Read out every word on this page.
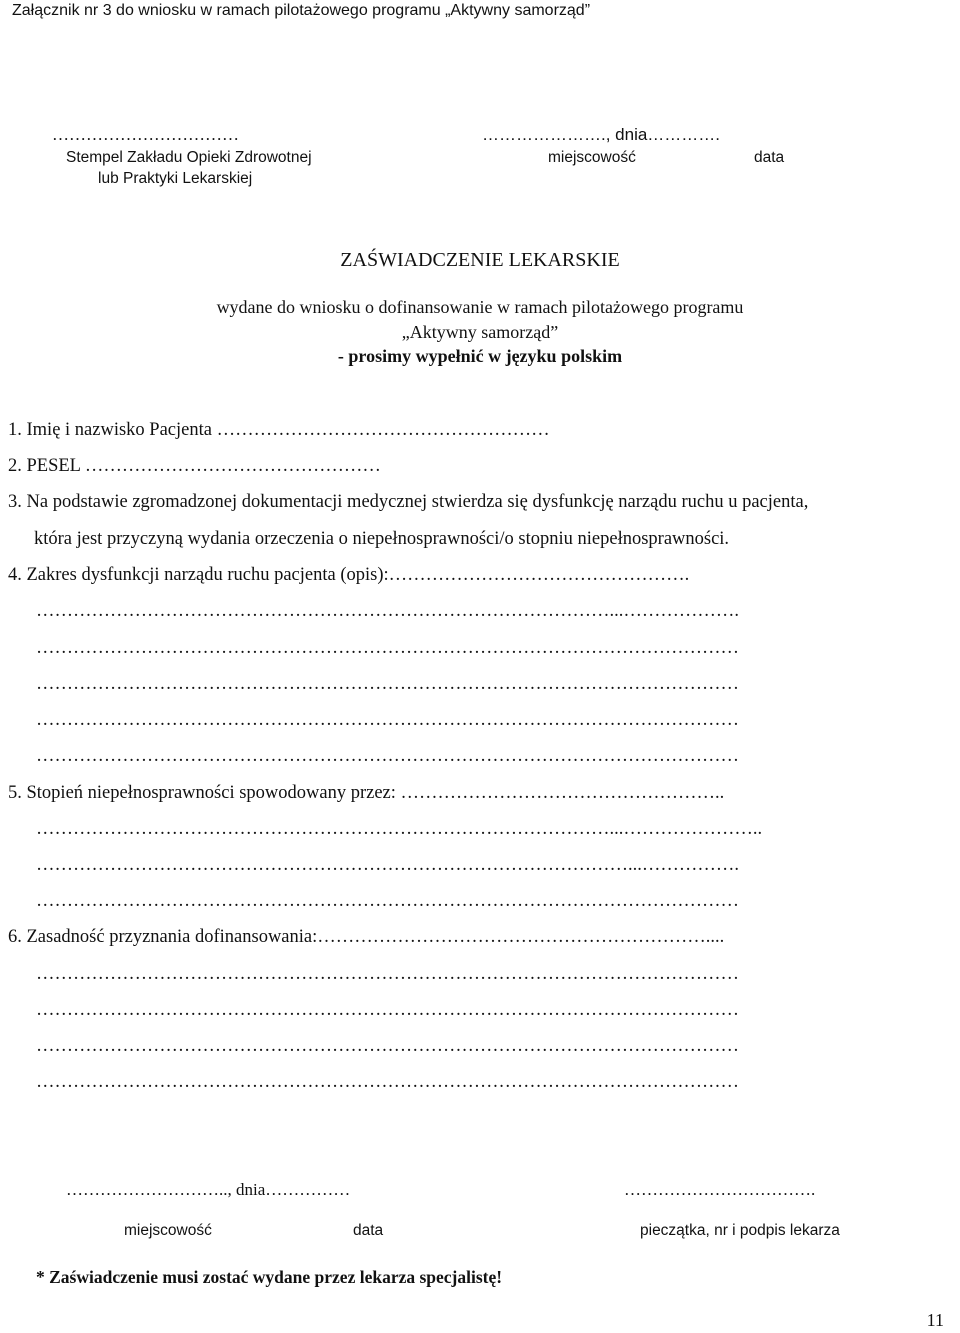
Załącznik nr 3 do wniosku w ramach pilotażowego programu „Aktywny samorząd”
……………………………
Stempel Zakładu Opieki Zdrowotnej
lub Praktyki Lekarskiej
…………………., dnia………….
miejscowość	data
ZAŚWIADCZENIE LEKARSKIE
wydane do wniosku o dofinansowanie w ramach pilotażowego programu
„Aktywny samorząd”
- prosimy wypełnić w języku polskim
1. Imię i nazwisko Pacjenta ………………………………………………
2. PESEL …………………………………………
3. Na podstawie zgromadzonej dokumentacji medycznej stwierdza się dysfunkcję narządu ruchu u pacjenta,
która jest przyczyną wydania orzeczenia o niepełnosprawności/o stopniu niepełnosprawności.
4. Zakres dysfunkcji narządu ruchu pacjenta (opis):………………………………………….
…………………………………………………………………………………...……………….
……………………………………………………………………………………………………
……………………………………………………………………………………………………
……………………………………………………………………………………………………
……………………………………………………………………………………………………
5. Stopień niepełnosprawności spowodowany przez: ……………………………………………..
…………………………………………………………………………………...…………………..
……………………………………………………………………………………...…………….
……………………………………………………………………………………………………
6. Zasadność przyznania dofinansowania:………………………………………………………....
……………………………………………………………………………………………………
……………………………………………………………………………………………………
……………………………………………………………………………………………………
……………………………………………………………………………………………………
……………………….., dnia……………	…………………………….
miejscowość	data	pieczątka, nr i podpis lekarza
* Zaświadczenie musi zostać wydane przez lekarza specjalistę!
11
